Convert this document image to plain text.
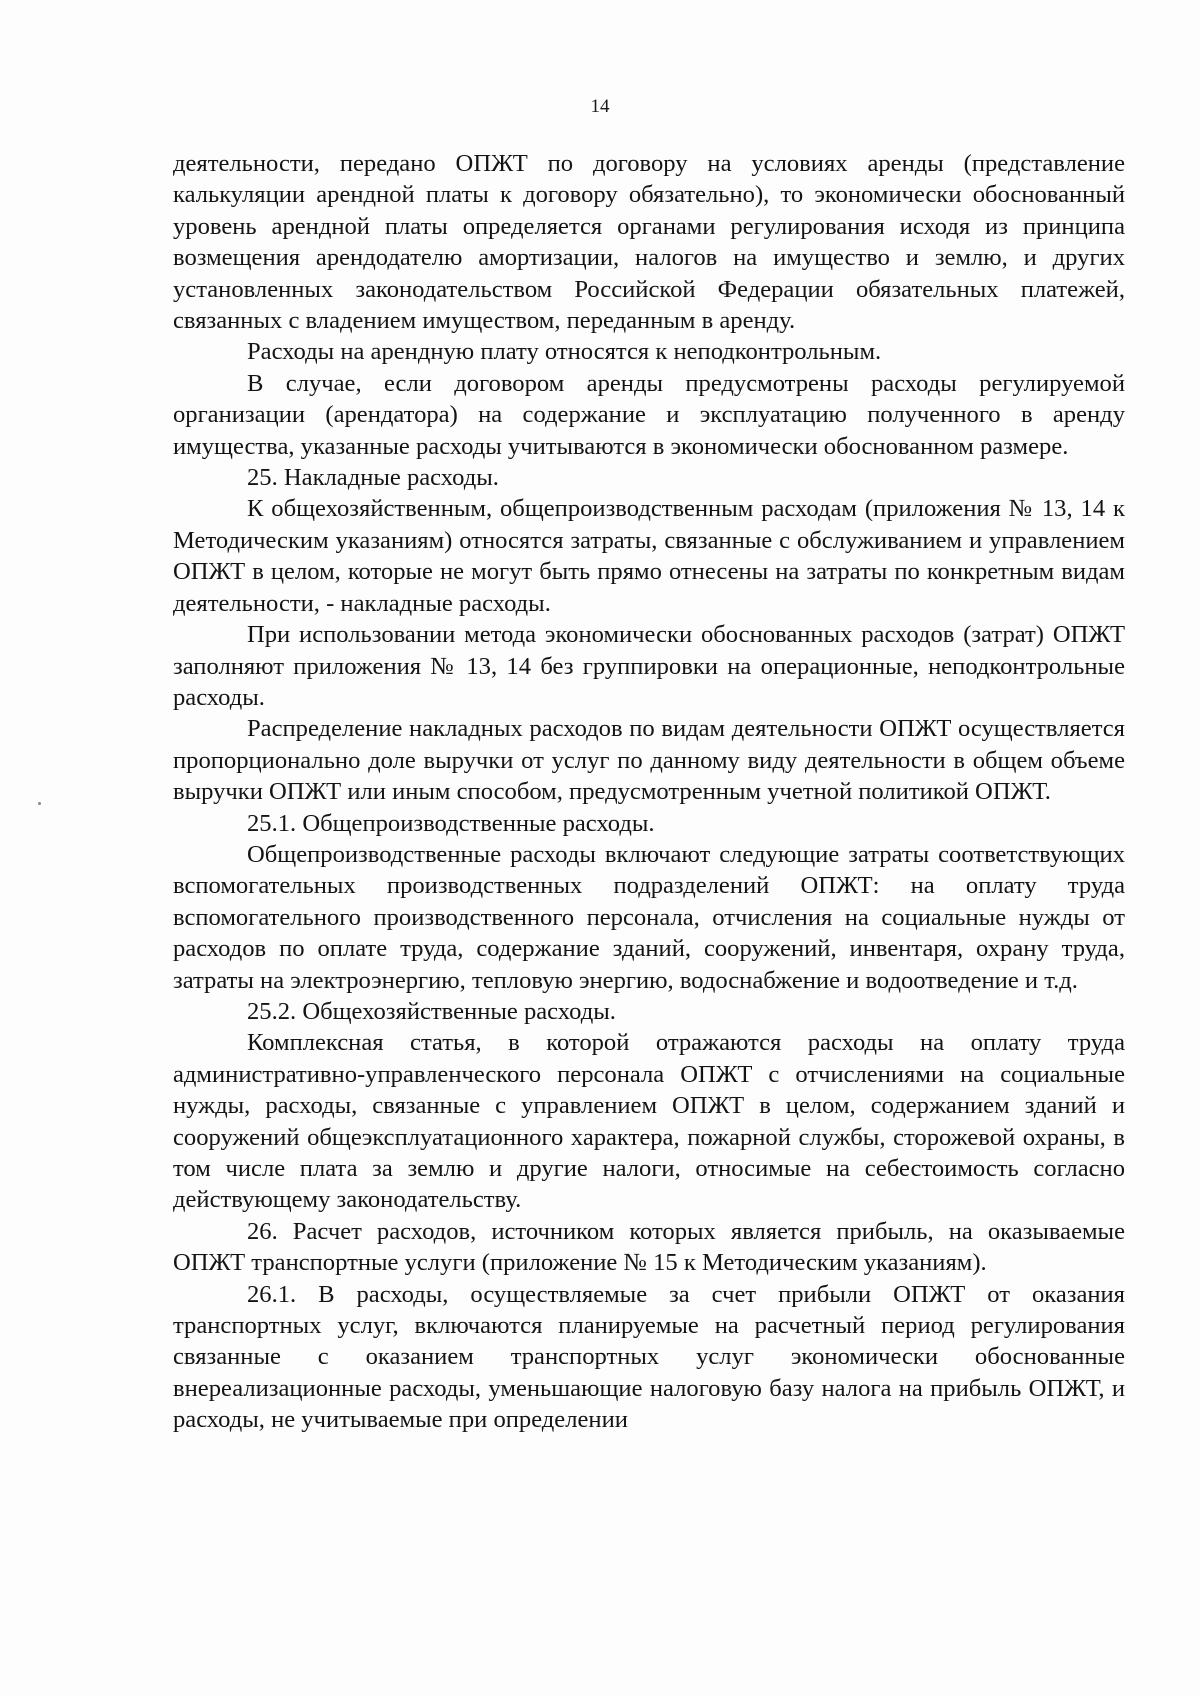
14

деятельности, передано ОПЖТ по договору на условиях аренды (представление калькуляции арендной платы к договору обязательно), то экономически обоснованный уровень арендной платы определяется органами регулирования исходя из принципа возмещения арендодателю амортизации, налогов на имущество и землю, и других установленных законодательством Российской Федерации обязательных платежей, связанных с владением имуществом, переданным в аренду.

Расходы на арендную плату относятся к неподконтрольным.

В случае, если договором аренды предусмотрены расходы регулируемой организации (арендатора) на содержание и эксплуатацию полученного в аренду имущества, указанные расходы учитываются в экономически обоснованном размере.

25. Накладные расходы.

К общехозяйственным, общепроизводственным расходам (приложения № 13, 14 к Методическим указаниям) относятся затраты, связанные с обслуживанием и управлением ОПЖТ в целом, которые не могут быть прямо отнесены на затраты по конкретным видам деятельности, - накладные расходы.

При использовании метода экономически обоснованных расходов (затрат) ОПЖТ заполняют приложения № 13, 14 без группировки на операционные, неподконтрольные расходы.

Распределение накладных расходов по видам деятельности ОПЖТ осуществляется пропорционально доле выручки от услуг по данному виду деятельности в общем объеме выручки ОПЖТ или иным способом, предусмотренным учетной политикой ОПЖТ.

25.1. Общепроизводственные расходы.

Общепроизводственные расходы включают следующие затраты соответствующих вспомогательных производственных подразделений ОПЖТ: на оплату труда вспомогательного производственного персонала, отчисления на социальные нужды от расходов по оплате труда, содержание зданий, сооружений, инвентаря, охрану труда, затраты на электроэнергию, тепловую энергию, водоснабжение и водоотведение и т.д.

25.2. Общехозяйственные расходы.

Комплексная статья, в которой отражаются расходы на оплату труда административно-управленческого персонала ОПЖТ с отчислениями на социальные нужды, расходы, связанные с управлением ОПЖТ в целом, содержанием зданий и сооружений общеэксплуатационного характера, пожарной службы, сторожевой охраны, в том числе плата за землю и другие налоги, относимые на себестоимость согласно действующему законодательству.

26. Расчет расходов, источником которых является прибыль, на оказываемые ОПЖТ транспортные услуги (приложение № 15 к Методическим указаниям).

26.1. В расходы, осуществляемые за счет прибыли ОПЖТ от оказания транспортных услуг, включаются планируемые на расчетный период регулирования связанные с оказанием транспортных услуг экономически обоснованные внереализационные расходы, уменьшающие налоговую базу налога на прибыль ОПЖТ, и расходы, не учитываемые при определении
